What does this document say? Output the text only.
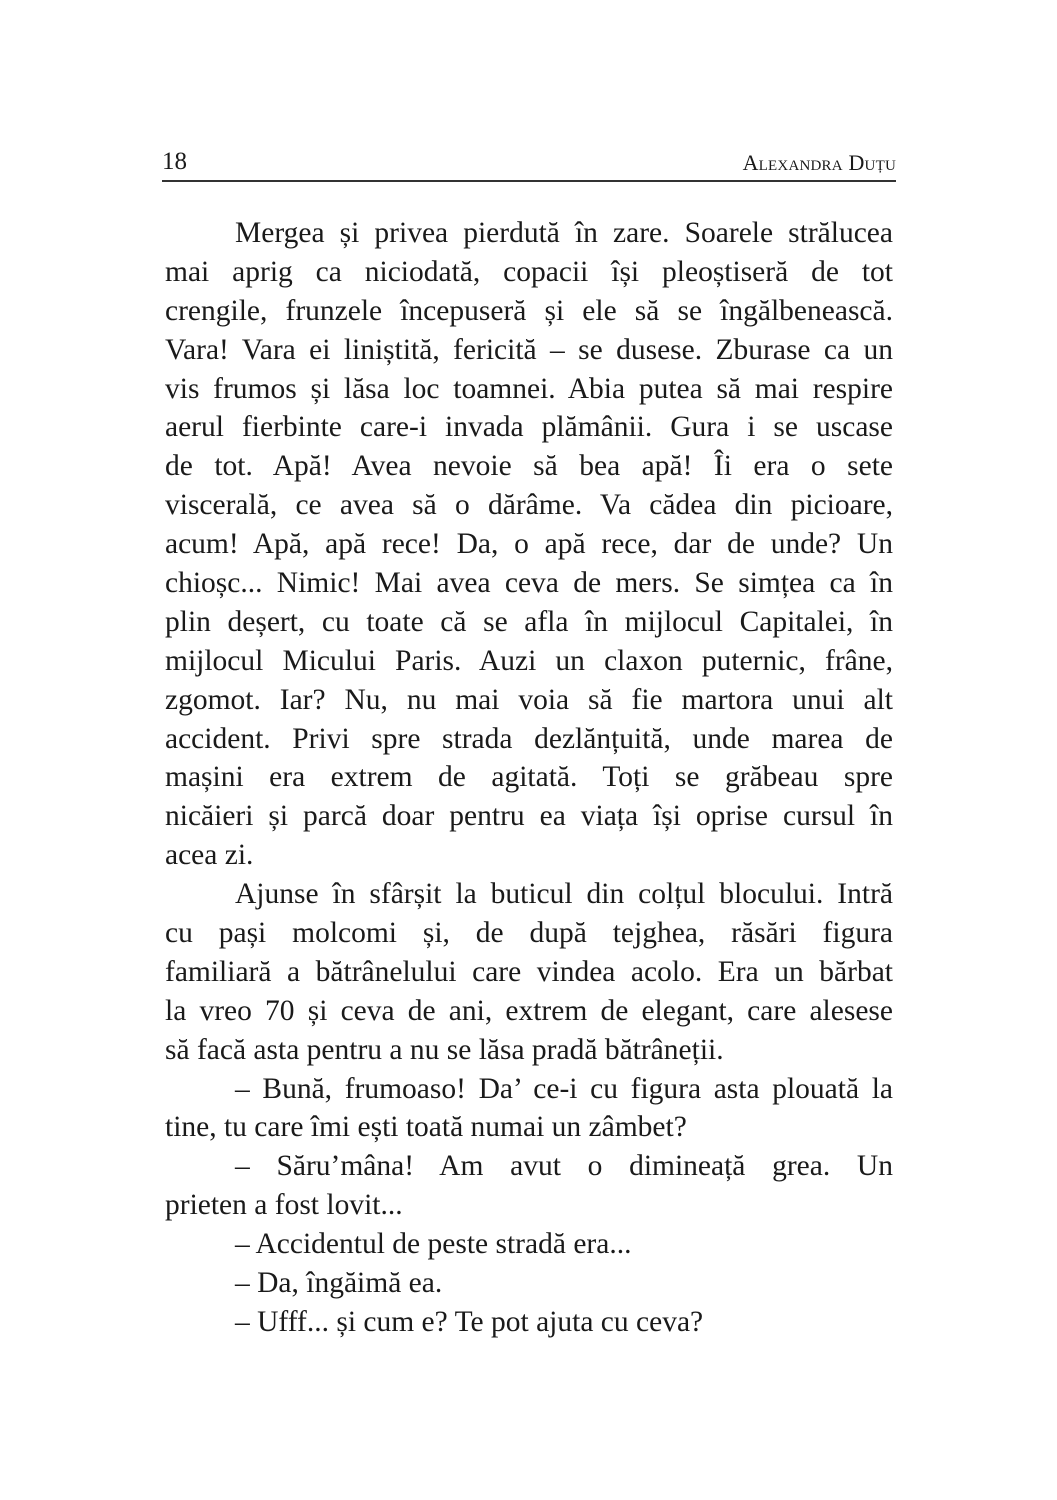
18	Alexandra Duțu
Mergea și privea pierdută în zare. Soarele strălucea
mai aprig ca niciodată, copacii își pleoștiseră de tot
crengile, frunzele începuseră și ele să se îngălbenească.
Vara! Vara ei liniștită, fericită – se dusese. Zburase ca un
vis frumos și lăsa loc toamnei. Abia putea să mai respire
aerul fierbinte care-i invada plămânii. Gura i se uscase
de tot. Apă! Avea nevoie să bea apă! Îi era o sete
viscerală, ce avea să o dărâme. Va cădea din picioare,
acum! Apă, apă rece! Da, o apă rece, dar de unde? Un
chioșc... Nimic! Mai avea ceva de mers. Se simțea ca în
plin deșert, cu toate că se afla în mijlocul Capitalei, în
mijlocul Micului Paris. Auzi un claxon puternic, frâne,
zgomot. Iar? Nu, nu mai voia să fie martora unui alt
accident. Privi spre strada dezlănțuită, unde marea de
mașini era extrem de agitată. Toți se grăbeau spre
nicăieri și parcă doar pentru ea viața își oprise cursul în
acea zi.
Ajunse în sfârșit la buticul din colțul blocului. Intră
cu pași molcomi și, de după tejghea, răsări figura
familiară a bătrânelului care vindea acolo. Era un bărbat
la vreo 70 și ceva de ani, extrem de elegant, care alesese
să facă asta pentru a nu se lăsa pradă bătrâneții.
– Bună, frumoaso! Da’ ce-i cu figura asta plouată la
tine, tu care îmi ești toată numai un zâmbet?
– Săru’mâna! Am avut o dimineață grea. Un
prieten a fost lovit...
– Accidentul de peste stradă era...
– Da, îngăimă ea.
– Ufff... și cum e? Te pot ajuta cu ceva?
